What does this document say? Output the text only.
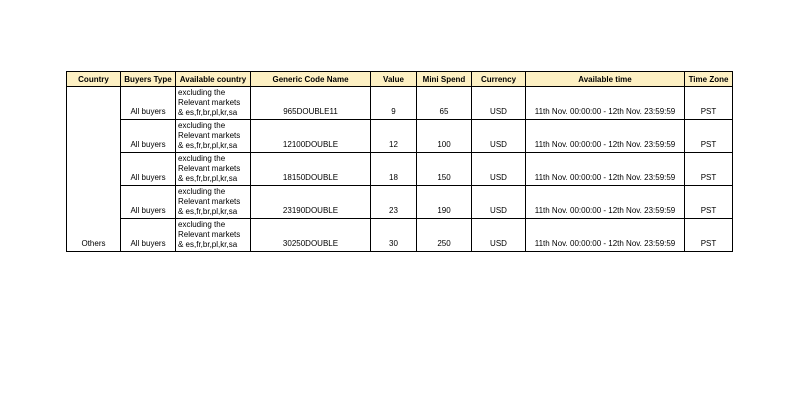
Country	Buyers Type	Available country	Generic Code Name	Value	Mini Spend	Currency	Available time	Time Zone
	All buyers	excluding the
Relevant markets
& es,fr,br,pl,kr,sa	965DOUBLE11	9	65	USD	11th Nov. 00:00:00 - 12th Nov. 23:59:59	PST
	All buyers	excluding the
Relevant markets
& es,fr,br,pl,kr,sa	12100DOUBLE	12	100	USD	11th Nov. 00:00:00 - 12th Nov. 23:59:59	PST
	All buyers	excluding the
Relevant markets
& es,fr,br,pl,kr,sa	18150DOUBLE	18	150	USD	11th Nov. 00:00:00 - 12th Nov. 23:59:59	PST
	All buyers	excluding the
Relevant markets
& es,fr,br,pl,kr,sa	23190DOUBLE	23	190	USD	11th Nov. 00:00:00 - 12th Nov. 23:59:59	PST
Others	All buyers	excluding the
Relevant markets
& es,fr,br,pl,kr,sa	30250DOUBLE	30	250	USD	11th Nov. 00:00:00 - 12th Nov. 23:59:59	PST
